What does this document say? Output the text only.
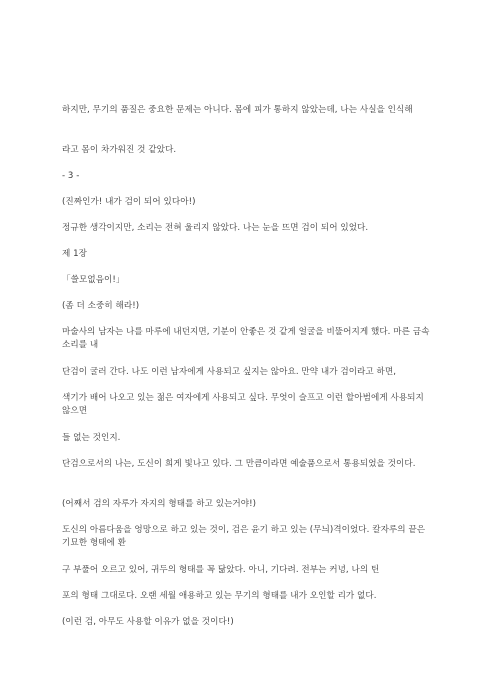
하지만, 무기의 품질은 중요한 문제는 아니다. 몸에 피가 통하지 않았는데, 나는 사실을 인식해
라고 몸이 차가워진 것 같았다.
- 3 -
(진짜인가! 내가 검이 되어 있다아!)
정규한 생각이지만, 소리는 전혀 울리지 않았다. 나는 눈을 뜨면 검이 되어 있었다.
제 1장
「쓸모없음이!」
(좀 더 소중히 해라!)
마술사의 남자는 나를 마루에 내던지면, 기분이 안좋은 것 같게 얼굴을 비뚤어지게 했다. 마른 금속 소리를 내
단검이 굴러 간다. 나도 이런 남자에게 사용되고 싶지는 않아요. 만약 내가 검이라고 하면,
색기가 배어 나오고 있는 젊은 여자에게 사용되고 싶다. 무엇이 슬프고 이런 할아범에게 사용되지 않으면
들 없는 것인지.
단검으로서의 나는, 도신이 희게 빛나고 있다. 그 만큼이라면 예술품으로서 통용되었을 것이다.
(어째서 검의 자루가 자지의 형태를 하고 있는거야!)
도신의 아름다움을 엉망으로 하고 있는 것이, 검은 윤기 하고 있는 (무늬)격이었다. 칼자루의 끝은 기묘한 형태에 환
구 부풀어 오르고 있어, 귀두의 형태를 꼭 닮았다. 아니, 기다려. 전부는 커녕, 나의 틴
포의 형태 그대로다. 오랜 세월 애용하고 있는 무기의 형태를 내가 오인할 리가 없다.
(이런 검, 아무도 사용할 이유가 없을 것이다!)
